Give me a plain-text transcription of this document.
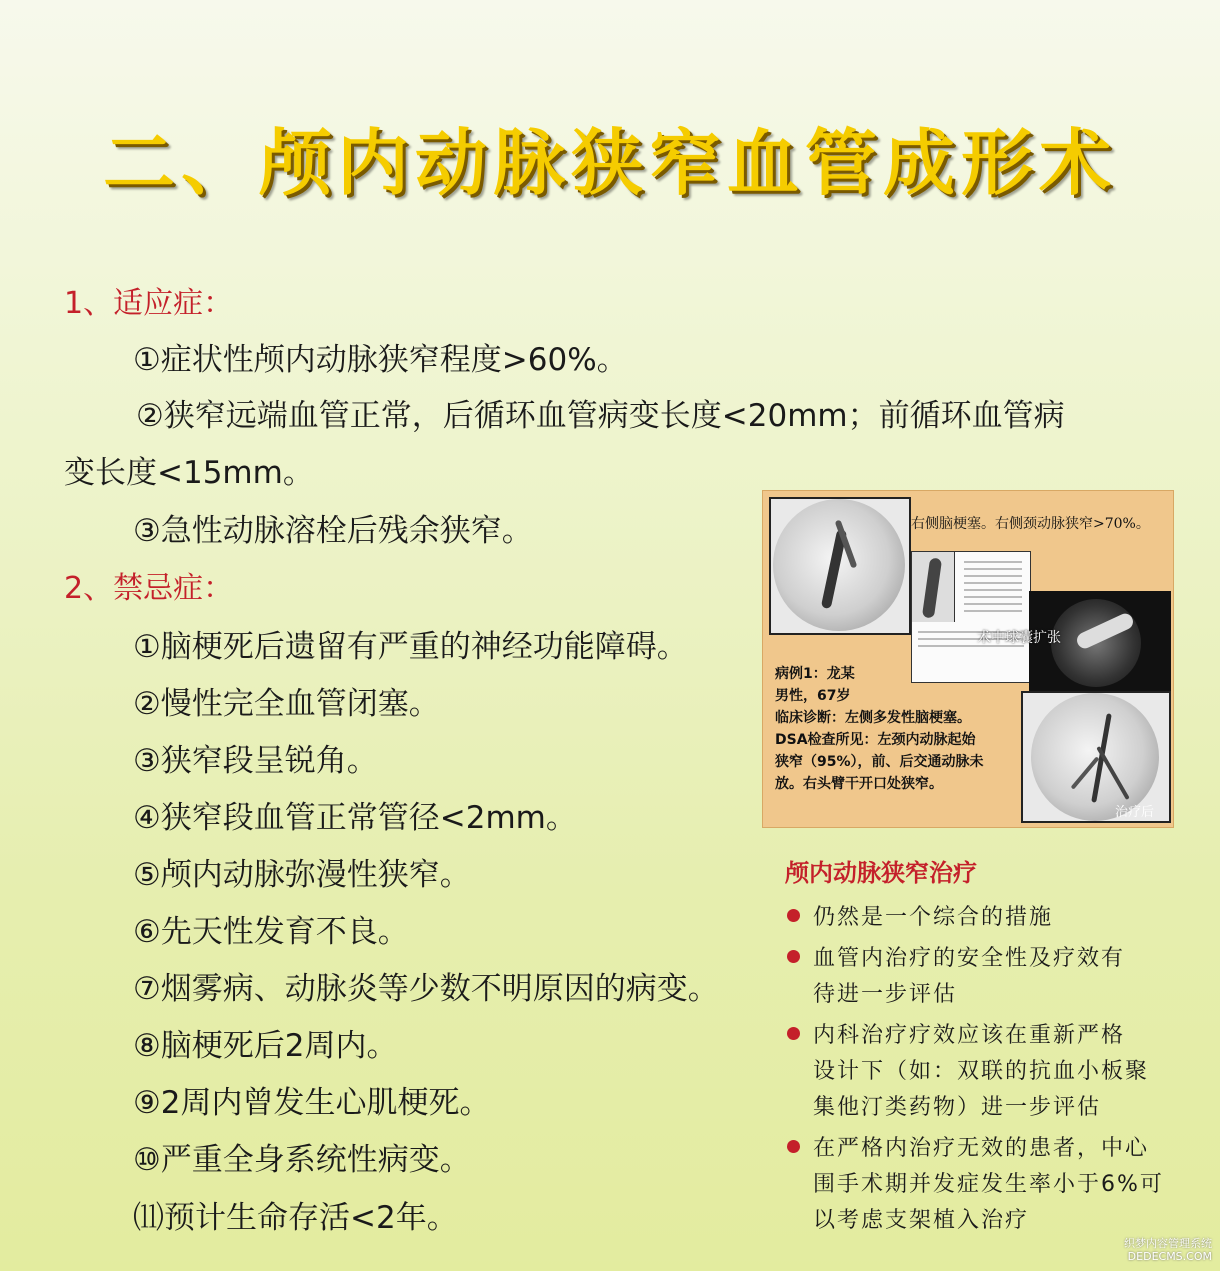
二、颅内动脉狭窄血管成形术
1、适应症：
①症状性颅内动脉狭窄程度>60%。
②狭窄远端血管正常，后循环血管病变长度<20mm；前循环血管病
变长度<15mm。
③急性动脉溶栓后残余狭窄。
2、禁忌症：
①脑梗死后遗留有严重的神经功能障碍。
②慢性完全血管闭塞。
③狭窄段呈锐角。
④狭窄段血管正常管径<2mm。
⑤颅内动脉弥漫性狭窄。
⑥先天性发育不良。
⑦烟雾病、动脉炎等少数不明原因的病变。
⑧脑梗死后2周内。
⑨2周内曾发生心肌梗死。
⑩严重全身系统性病变。
⑾预计生命存活<2年。
右侧脑梗塞。右侧颈动脉狭窄>70%。
术中球囊扩张
病例1：龙某
男性，67岁
临床诊断：左侧多发性脑梗塞。
DSA检查所见：左颈内动脉起始
狭窄（95%），前、后交通动脉未
放。右头臂干开口处狭窄。
治疗后
颅内动脉狭窄治疗
仍然是一个综合的措施
血管内治疗的安全性及疗效有
待进一步评估
内科治疗疗效应该在重新严格
设计下（如：双联的抗血小板聚
集他汀类药物）进一步评估
在严格内治疗无效的患者，中心
围手术期并发症发生率小于6%可
以考虑支架植入治疗
织梦内容管理系统
DEDECMS.COM
